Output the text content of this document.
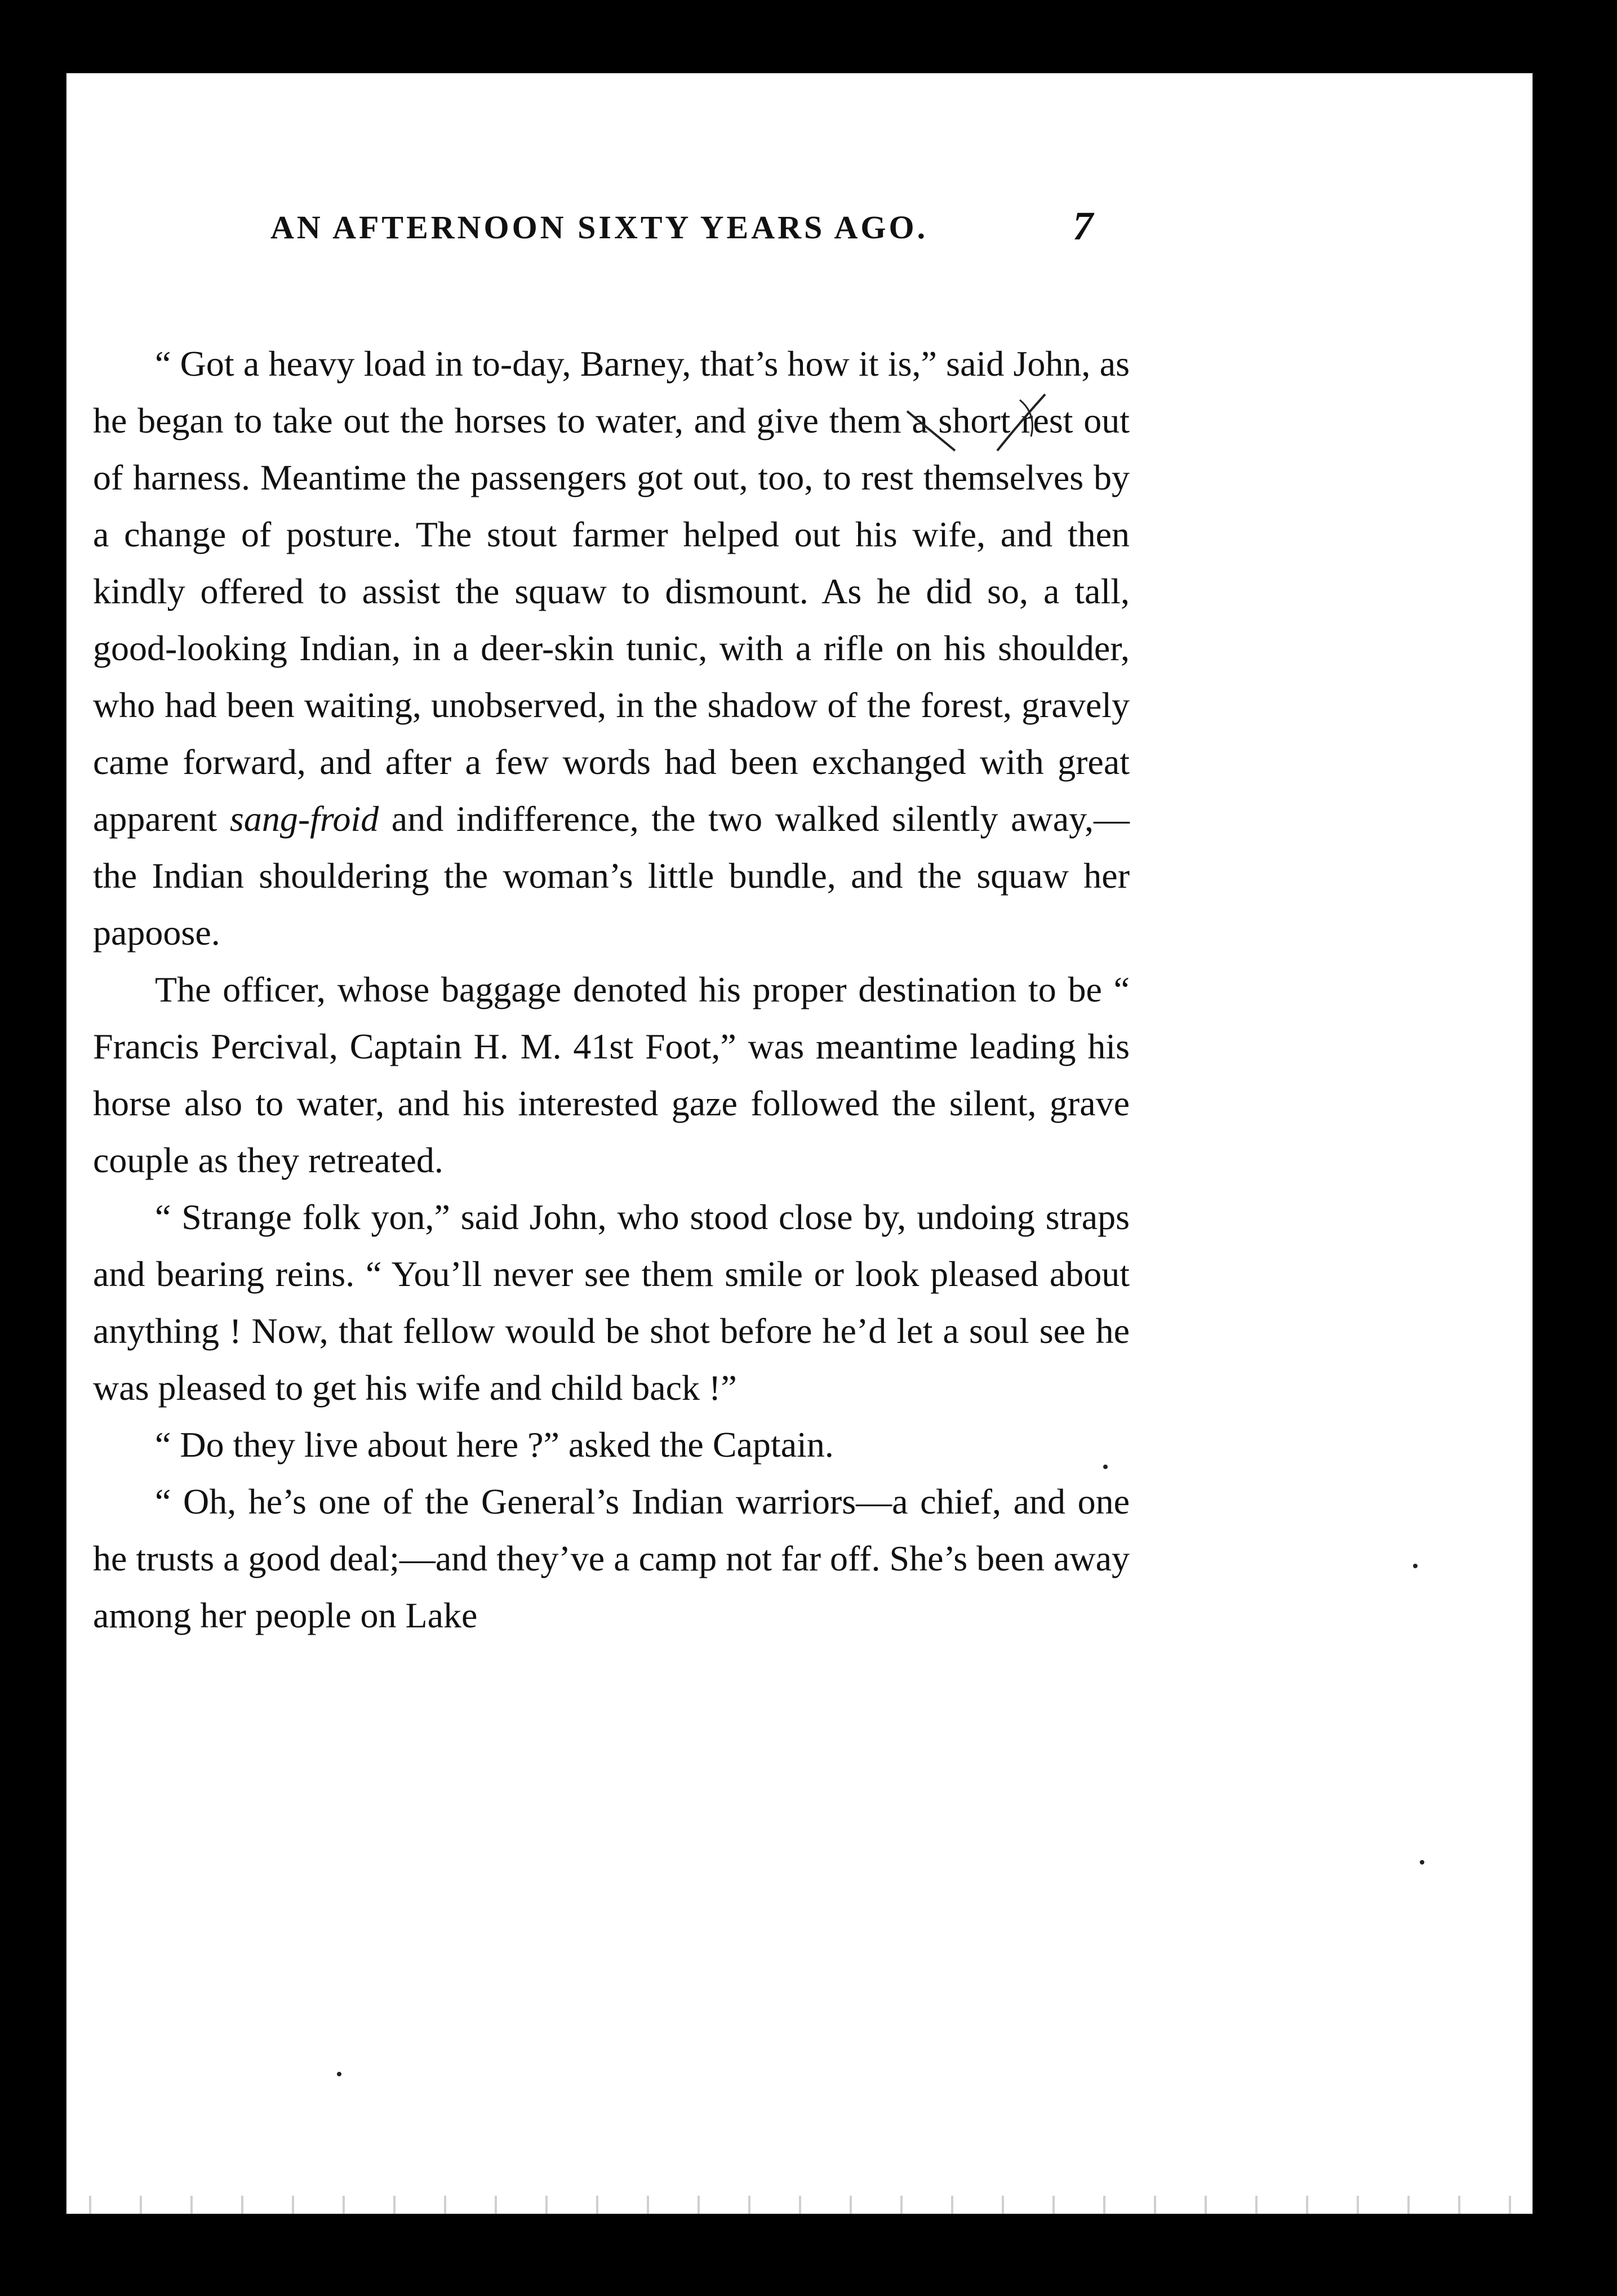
AN AFTERNOON SIXTY YEARS AGO.	7

“ Got a heavy load in to-day, Barney, that’s how it is,” said John, as he began to take out the horses to water, and give them a short rest out of harness. Meantime the passengers got out, too, to rest themselves by a change of posture. The stout farmer helped out his wife, and then kindly offered to assist the squaw to dismount. As he did so, a tall, good-looking Indian, in a deer-skin tunic, with a rifle on his shoulder, who had been waiting, unobserved, in the shadow of the forest, gravely came forward, and after a few words had been exchanged with great apparent sang-froid and indifference, the two walked silently away,—the Indian shouldering the woman’s little bundle, and the squaw her papoose.

The officer, whose baggage denoted his proper destination to be “ Francis Percival, Captain H. M. 41st Foot,” was meantime leading his horse also to water, and his interested gaze followed the silent, grave couple as they retreated.

“ Strange folk yon,” said John, who stood close by, undoing straps and bearing reins. “ You’ll never see them smile or look pleased about anything ! Now, that fellow would be shot before he’d let a soul see he was pleased to get his wife and child back !”

“ Do they live about here ?” asked the Captain.

“ Oh, he’s one of the General’s Indian warriors—a chief, and one he trusts a good deal;—and they’ve a camp not far off. She’s been away among her people on Lake
